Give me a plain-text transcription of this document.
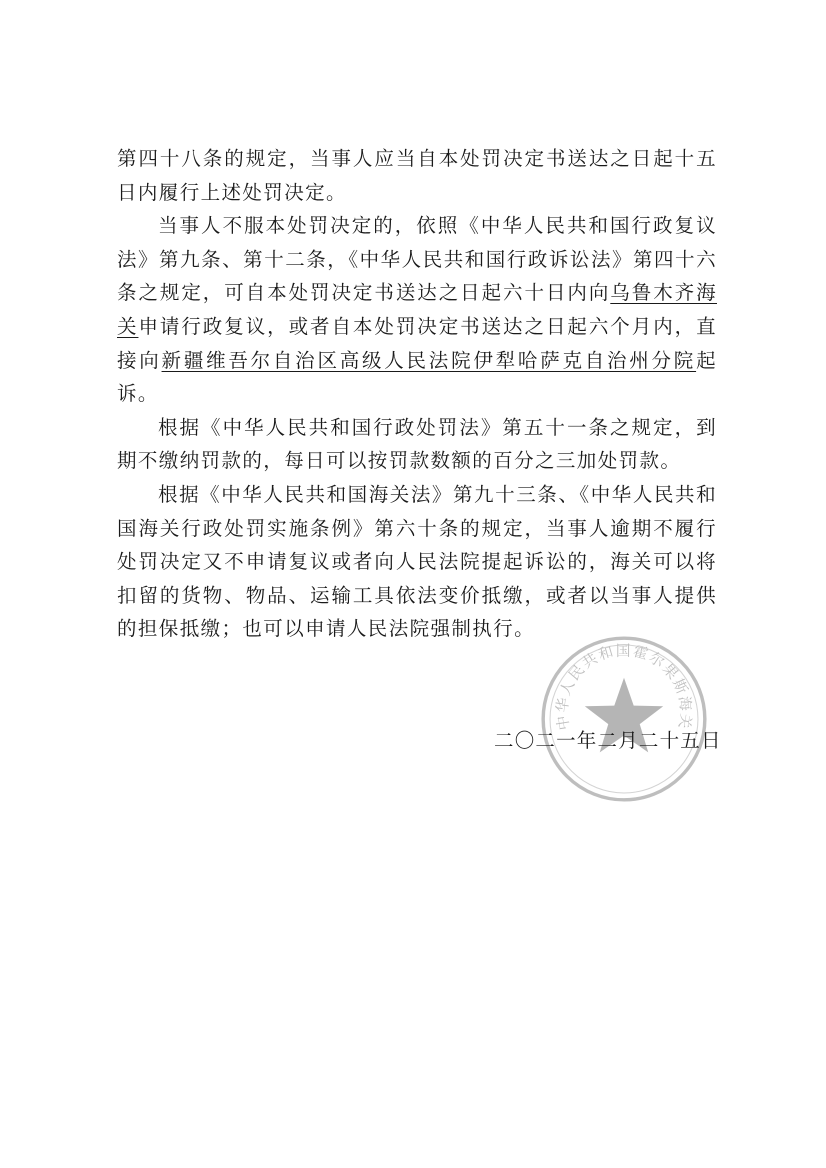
第四十八条的规定，当事人应当自本处罚决定书送达之日起十五日内履行上述处罚决定。

当事人不服本处罚决定的，依照《中华人民共和国行政复议法》第九条、第十二条，《中华人民共和国行政诉讼法》第四十六条之规定，可自本处罚决定书送达之日起六十日内向乌鲁木齐海关申请行政复议，或者自本处罚决定书送达之日起六个月内，直接向新疆维吾尔自治区高级人民法院伊犁哈萨克自治州分院起诉。

根据《中华人民共和国行政处罚法》第五十一条之规定，到期不缴纳罚款的，每日可以按罚款数额的百分之三加处罚款。

根据《中华人民共和国海关法》第九十三条、《中华人民共和国海关行政处罚实施条例》第六十条的规定，当事人逾期不履行处罚决定又不申请复议或者向人民法院提起诉讼的，海关可以将扣留的货物、物品、运输工具依法变价抵缴，或者以当事人提供的担保抵缴；也可以申请人民法院强制执行。

中华人民共和国霍尔果斯海关
二〇二一年二月二十五日
